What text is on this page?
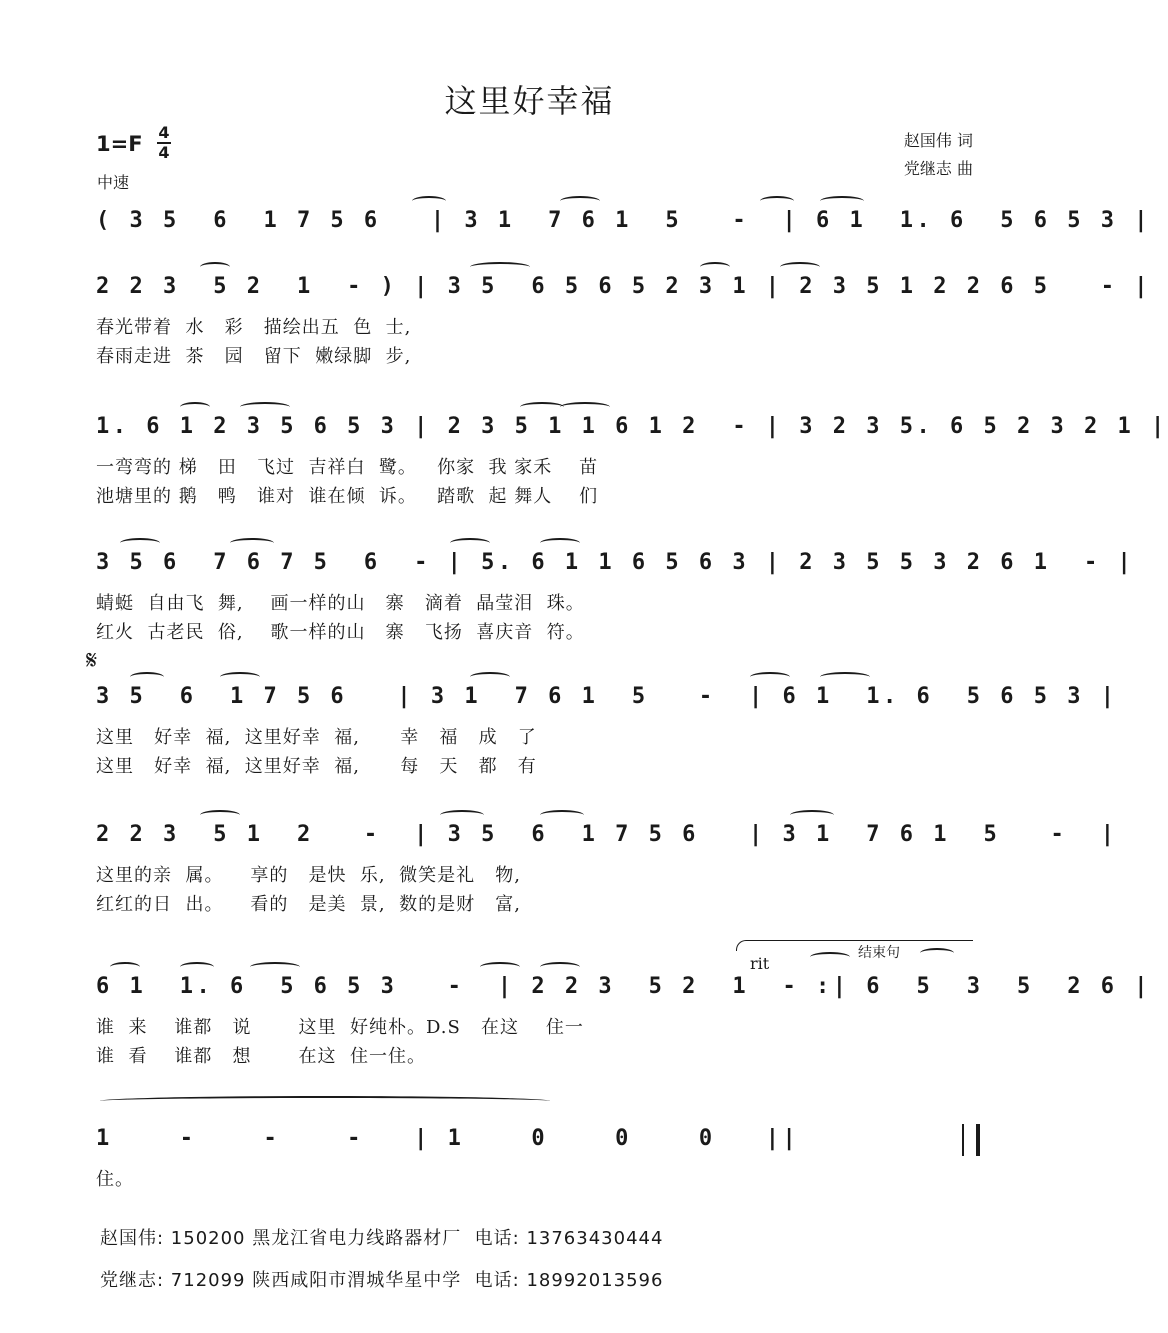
这里好幸福
1=F 4
4
中速
赵国伟 词
党继志 曲
( 3 5  6  1 7 5 6   | 3 1  7 6 1  5   -  | 6 1  1. 6  5 6 5 3 |
2 2 3  5 2  1  - ) | 3 5  6 5 6 5 2 3 1 | 2 3 5 1 2 2 6 5   - |
春光带着  水   彩   描绘出五  色  士,
春雨走进  茶   园   留下  嫩绿脚  步,
1. 6 1 2 3 5 6 5 3 | 2 3 5 1 1 6 1 2  - | 3 2 3 5. 6 5 2 3 2 1 |
一弯弯的 梯   田   飞过  吉祥白  鹭。   你家  我 家禾    苗
池塘里的 鹅   鸭   谁对  谁在倾  诉。   踏歌  起 舞人    们
3 5 6  7 6 7 5  6  - | 5. 6 1 1 6 5 6 3 | 2 3 5 5 3 2 6 1  - |
蜻蜓  自由飞  舞,    画一样的山   寨   滴着  晶莹泪  珠。
红火  古老民  俗,    歌一样的山   寨   飞扬  喜庆音  符。
3 5  6  1 7 5 6   | 3 1  7 6 1  5   -  | 6 1  1. 6  5 6 5 3 |
这里   好幸  福,  这里好幸  福,      幸   福   成   了
这里   好幸  福,  这里好幸  福,      每   天   都   有
2 2 3  5 1  2   -  | 3 5  6  1 7 5 6   | 3 1  7 6 1  5   -  |
这里的亲  属。    享的   是快  乐,  微笑是礼   物,
红红的日  出。    看的   是美  景,  数的是财   富,
6 1  1. 6  5 6 5 3   -  | 2 2 3  5 2  1  - :| 6  5  3  5  2 6 |
谁  来    谁都   说       这里  好纯朴。D.S   在这    住一
谁  看    谁都   想       在这  住一住。
1    -    -    -   | 1    0    0    0   ||
住。
𝄋
rit
结束句
赵国伟: 150200 黑龙江省电力线路器材厂  电话: 13763430444
党继志: 712099 陕西咸阳市渭城华星中学  电话: 18992013596
